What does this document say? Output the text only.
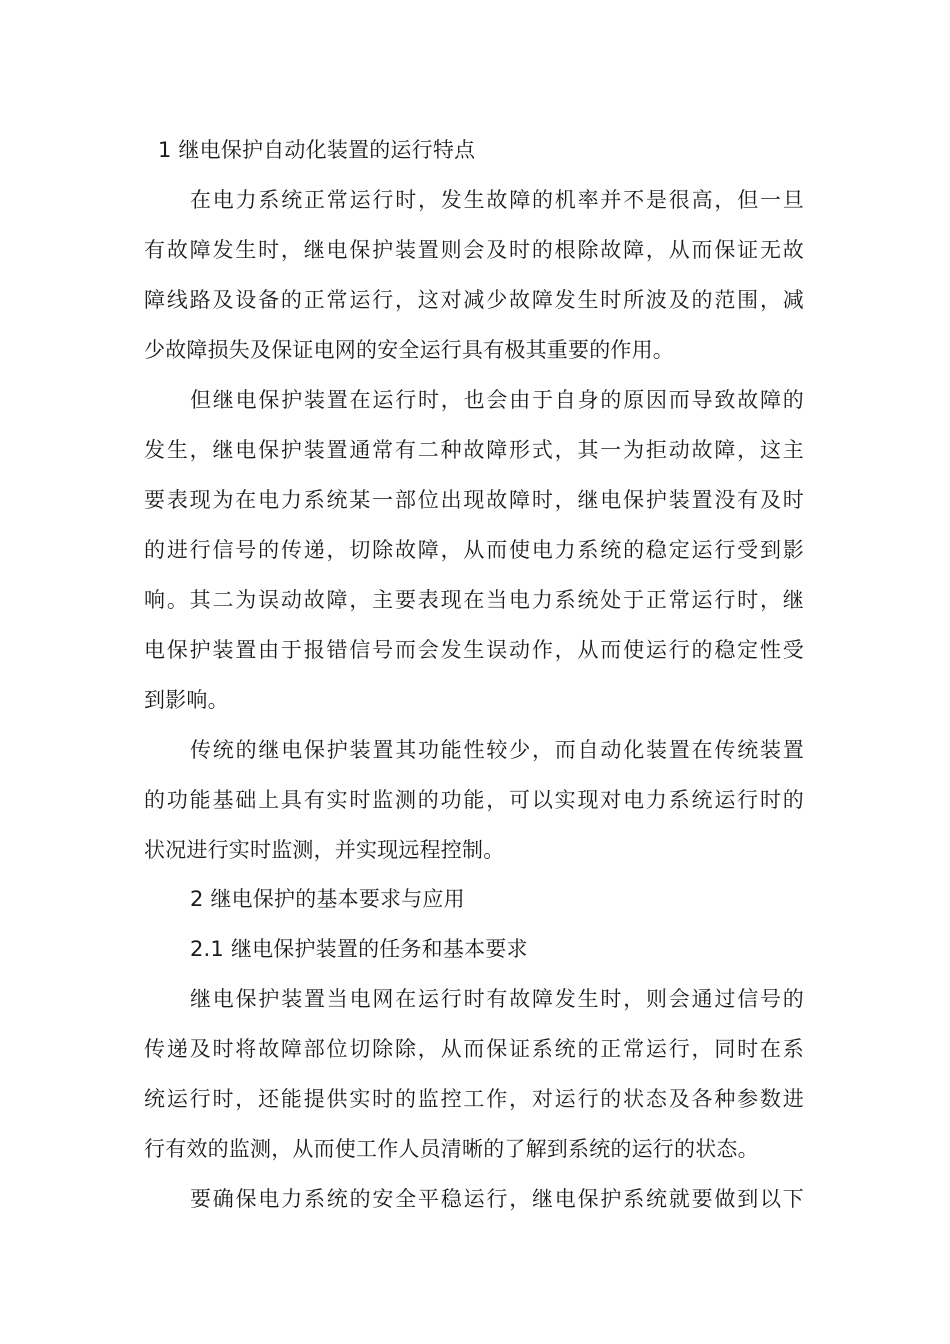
1 继电保护自动化装置的运行特点
在电力系统正常运行时，发生故障的机率并不是很高，但一旦
有故障发生时，继电保护装置则会及时的根除故障，从而保证无故
障线路及设备的正常运行，这对减少故障发生时所波及的范围，减
少故障损失及保证电网的安全运行具有极其重要的作用。
但继电保护装置在运行时，也会由于自身的原因而导致故障的
发生，继电保护装置通常有二种故障形式，其一为拒动故障，这主
要表现为在电力系统某一部位出现故障时，继电保护装置没有及时
的进行信号的传递，切除故障，从而使电力系统的稳定运行受到影
响。其二为误动故障，主要表现在当电力系统处于正常运行时，继
电保护装置由于报错信号而会发生误动作，从而使运行的稳定性受
到影响。
传统的继电保护装置其功能性较少，而自动化装置在传统装置
的功能基础上具有实时监测的功能，可以实现对电力系统运行时的
状况进行实时监测，并实现远程控制。
2 继电保护的基本要求与应用
2.1 继电保护装置的任务和基本要求
继电保护装置当电网在运行时有故障发生时，则会通过信号的
传递及时将故障部位切除除，从而保证系统的正常运行，同时在系
统运行时，还能提供实时的监控工作，对运行的状态及各种参数进
行有效的监测，从而使工作人员清晰的了解到系统的运行的状态。
要确保电力系统的安全平稳运行，继电保护系统就要做到以下
